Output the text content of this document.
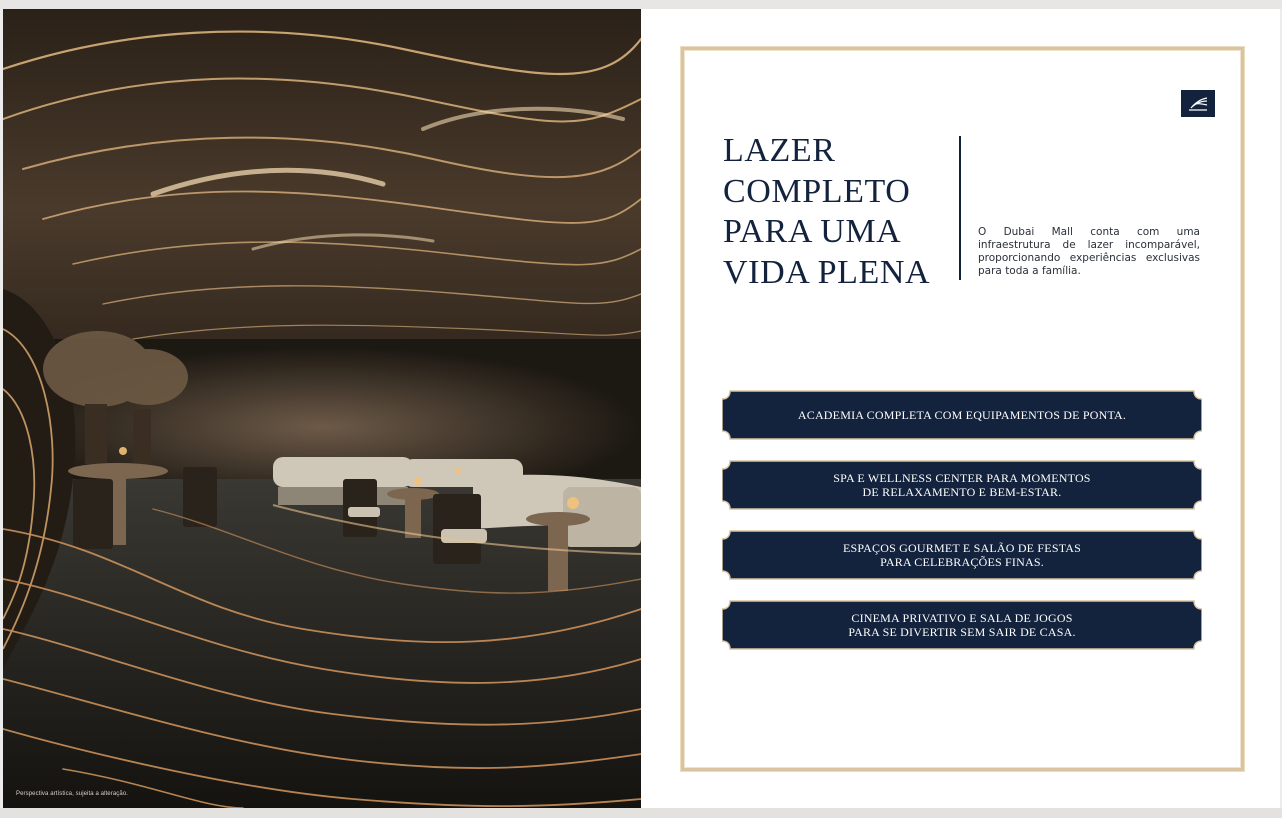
Perspectiva artística, sujeita a alteração.
LAZER
COMPLETO
PARA UMA
VIDA PLENA

O Dubai Mall conta com uma infraestrutura de lazer incomparável, proporcionando experiências exclusivas para toda a família.

ACADEMIA COMPLETA COM EQUIPAMENTOS DE PONTA.
SPA E WELLNESS CENTER PARA MOMENTOS
DE RELAXAMENTO E BEM-ESTAR.
ESPAÇOS GOURMET E SALÃO DE FESTAS
PARA CELEBRAÇÕES FINAS.
CINEMA PRIVATIVO E SALA DE JOGOS
PARA SE DIVERTIR SEM SAIR DE CASA.
